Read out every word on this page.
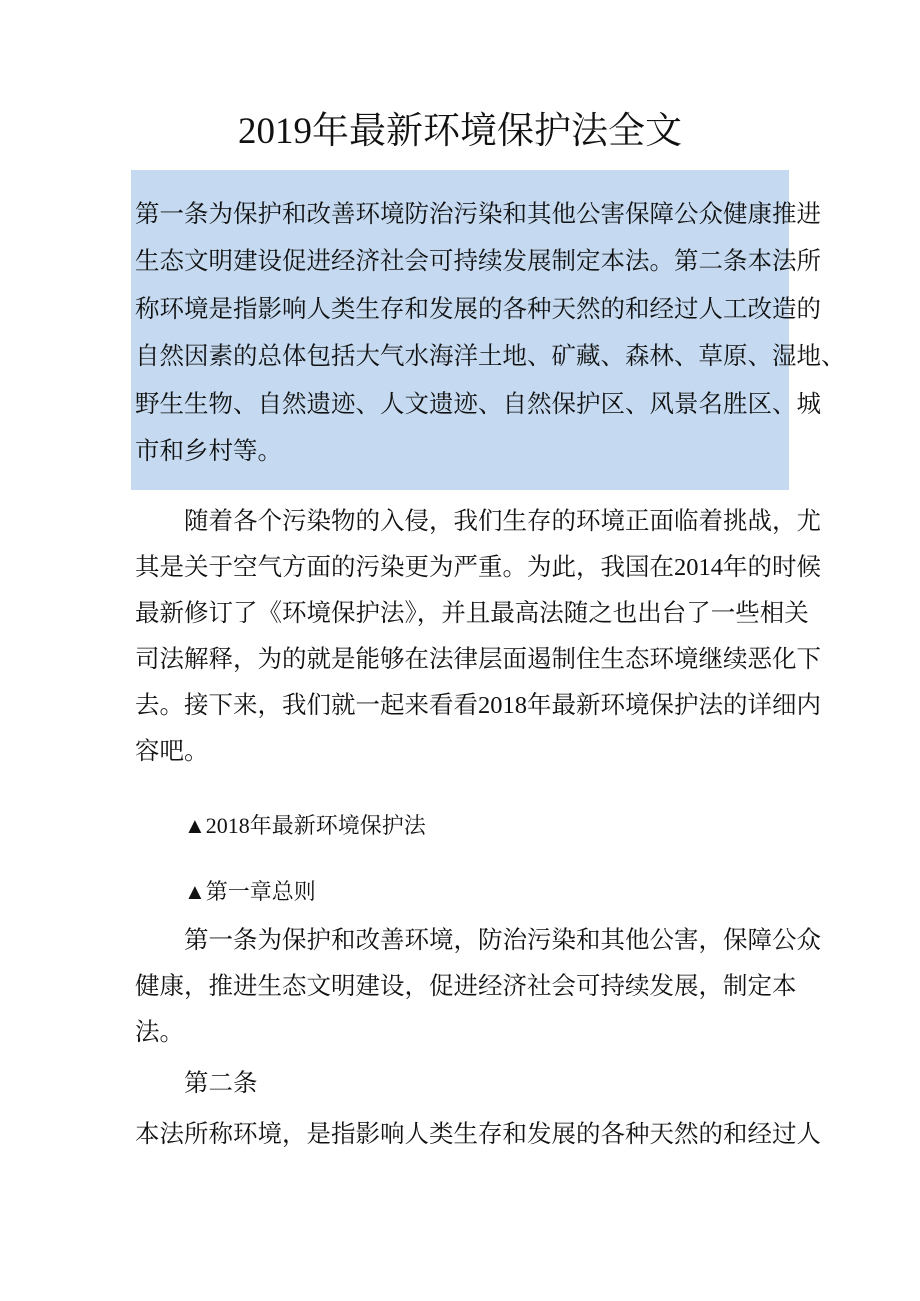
2019年最新环境保护法全文
第一条为保护和改善环境防治污染和其他公害保障公众健康推进
生态文明建设促进经济社会可持续发展制定本法。第二条本法所
称环境是指影响人类生存和发展的各种天然的和经过人工改造的
自然因素的总体包括大气水海洋土地、矿藏、森林、草原、湿地、
野生生物、自然遗迹、人文遗迹、自然保护区、风景名胜区、城
市和乡村等。
随着各个污染物的入侵，我们生存的环境正面临着挑战，尤
其是关于空气方面的污染更为严重。为此，我国在2014年的时候
最新修订了《环境保护法》，并且最高法随之也出台了一些相关
司法解释，为的就是能够在法律层面遏制住生态环境继续恶化下
去。接下来，我们就一起来看看2018年最新环境保护法的详细内
容吧。
▲2018年最新环境保护法
▲第一章总则
第一条为保护和改善环境，防治污染和其他公害，保障公众
健康，推进生态文明建设，促进经济社会可持续发展，制定本
法。
第二条
本法所称环境，是指影响人类生存和发展的各种天然的和经过人
